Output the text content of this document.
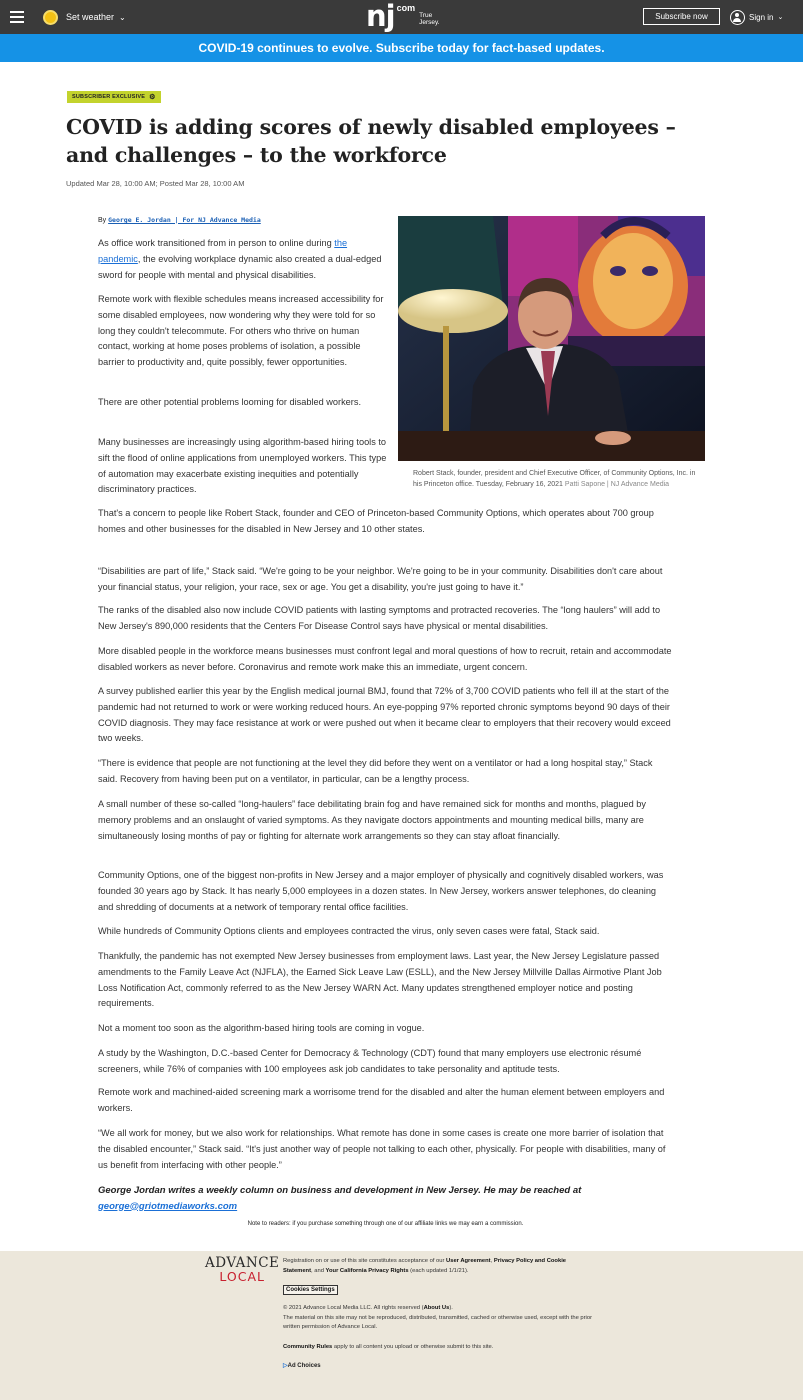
Set weather ⌄	nj com
True
Jersey.
Subscribe now	Sign in ⌄
COVID-19 continues to evolve. Subscribe today for fact-based updates.
SUBSCRIBER EXCLUSIVE ⚙
COVID is adding scores of newly disabled employees – and challenges – to the workforce
Updated Mar 28, 10:00 AM; Posted Mar 28, 10:00 AM
By George E. Jordan | For NJ Advance Media

As office work transitioned from in person to online during the pandemic, the evolving workplace dynamic also created a dual-edged sword for people with mental and physical disabilities.

Remote work with flexible schedules means increased accessibility for some disabled employees, now wondering why they were told for so long they couldn't telecommute. For others who thrive on human contact, working at home poses problems of isolation, a possible barrier to productivity and, quite possibly, fewer opportunities.

There are other potential problems looming for disabled workers.

Many businesses are increasingly using algorithm-based hiring tools to sift the flood of online applications from unemployed workers. This type of automation may exacerbate existing inequities and potentially discriminatory practices.

Robert Stack, founder, president and Chief Executive Officer, of Community Options, Inc. in his Princeton office. Tuesday, February 16, 2021 Patti Sapone | NJ Advance Media

That's a concern to people like Robert Stack, founder and CEO of Princeton-based Community Options, which operates about 700 group homes and other businesses for the disabled in New Jersey and 10 other states.

“Disabilities are part of life,” Stack said. “We're going to be your neighbor. We're going to be in your community. Disabilities don't care about your financial status, your religion, your race, sex or age. You get a disability, you're just going to have it.”

The ranks of the disabled also now include COVID patients with lasting symptoms and protracted recoveries. The “long haulers” will add to New Jersey's 890,000 residents that the Centers For Disease Control says have physical or mental disabilities.

More disabled people in the workforce means businesses must confront legal and moral questions of how to recruit, retain and accommodate disabled workers as never before. Coronavirus and remote work make this an immediate, urgent concern.

A survey published earlier this year by the English medical journal BMJ, found that 72% of 3,700 COVID patients who fell ill at the start of the pandemic had not returned to work or were working reduced hours. An eye-popping 97% reported chronic symptoms beyond 90 days of their COVID diagnosis. They may face resistance at work or were pushed out when it became clear to employers that their recovery would exceed two weeks.

“There is evidence that people are not functioning at the level they did before they went on a ventilator or had a long hospital stay,” Stack said. Recovery from having been put on a ventilator, in particular, can be a lengthy process.

A small number of these so-called “long-haulers” face debilitating brain fog and have remained sick for months and months, plagued by memory problems and an onslaught of varied symptoms. As they navigate doctors appointments and mounting medical bills, many are simultaneously losing months of pay or fighting for alternate work arrangements so they can stay afloat financially.

Community Options, one of the biggest non-profits in New Jersey and a major employer of physically and cognitively disabled workers, was founded 30 years ago by Stack. It has nearly 5,000 employees in a dozen states. In New Jersey, workers answer telephones, do cleaning and shredding of documents at a network of temporary rental office facilities.

While hundreds of Community Options clients and employees contracted the virus, only seven cases were fatal, Stack said.

Thankfully, the pandemic has not exempted New Jersey businesses from employment laws. Last year, the New Jersey Legislature passed amendments to the Family Leave Act (NJFLA), the Earned Sick Leave Law (ESLL), and the New Jersey Millville Dallas Airmotive Plant Job Loss Notification Act, commonly referred to as the New Jersey WARN Act. Many updates strengthened employer notice and posting requirements.

Not a moment too soon as the algorithm-based hiring tools are coming in vogue.

A study by the Washington, D.C.-based Center for Democracy & Technology (CDT) found that many employers use electronic résumé screeners, while 76% of companies with 100 employees ask job candidates to take personality and aptitude tests.

Remote work and machined-aided screening mark a worrisome trend for the disabled and alter the human element between employers and workers.

“We all work for money, but we also work for relationships. What remote has done in some cases is create one more barrier of isolation that the disabled encounter,” Stack said. “It's just another way of people not talking to each other, physically. For people with disabilities, many of us benefit from interfacing with other people.”

George Jordan writes a weekly column on business and development in New Jersey. He may be reached at george@griotmediaworks.com
Note to readers: if you purchase something through one of our affiliate links we may earn a commission.
ADVANCE
LOCAL
Registration on or use of this site constitutes acceptance of our User Agreement, Privacy Policy and Cookie Statement, and Your California Privacy Rights (each updated 1/1/21).
Cookies Settings
© 2021 Advance Local Media LLC. All rights reserved (About Us).
The material on this site may not be reproduced, distributed, transmitted, cached or otherwise used, except with the prior written permission of Advance Local.
Community Rules apply to all content you upload or otherwise submit to this site.
▷Ad Choices
